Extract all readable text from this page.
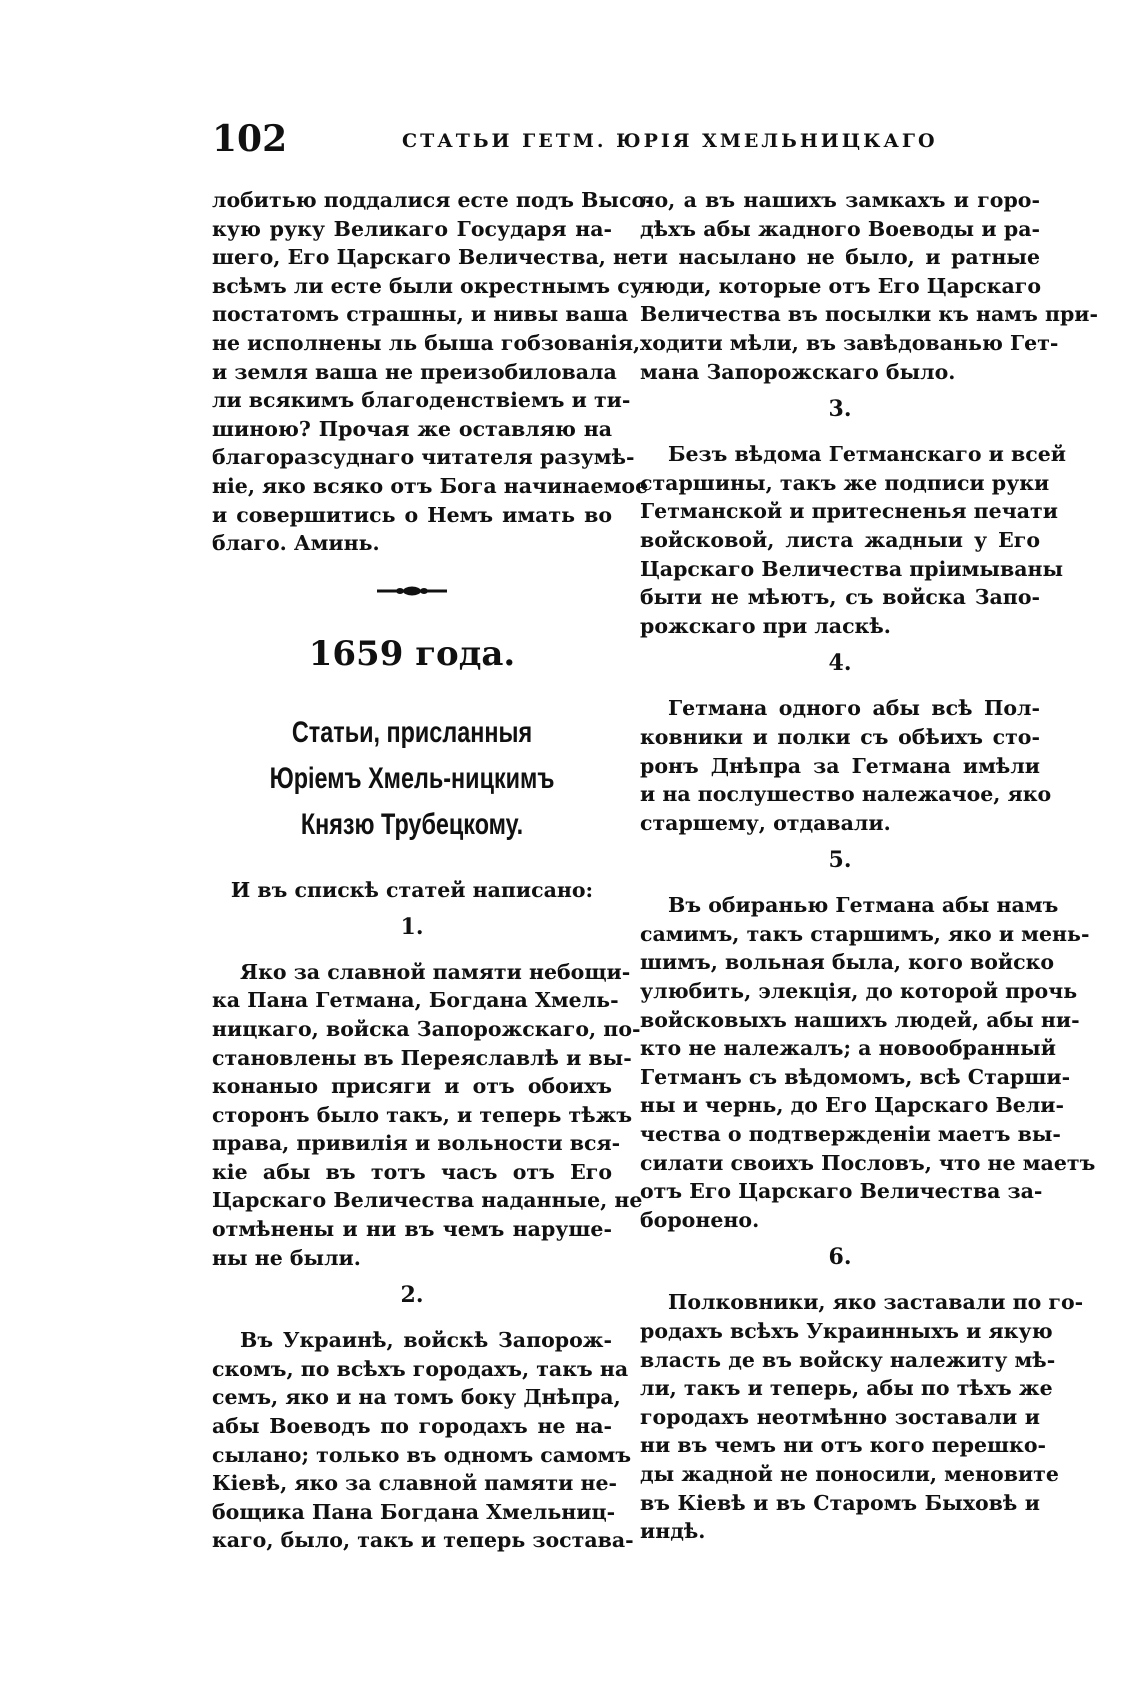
102	СТАТЬИ ГЕТМ. ЮРІЯ ХМЕЛЬНИЦКАГО
лобитью поддалися есте подъ Высо-
кую руку Великаго Государя на-
шего, Его Царскаго Величества, не
всѣмъ ли есте были окрестнымъ су-
постатомъ страшны, и нивы ваша
не исполнены ль быша гобзованія,
и земля ваша не преизобиловала
ли всякимъ благоденствіемъ и ти-
шиною? Прочая же оставляю на
благоразсуднаго читателя разумѣ-
ніе, яко всяко отъ Бога начинаемое
и совершитись о Немъ имать во
благо. Аминь.
1659 года.
Статьи, присланныя Юріемъ Хмель-ницкимъ Князю Трубецкому.
И въ спискѣ статей написано:
1.
Яко за славной памяти небощи-
ка Пана Гетмана, Богдана Хмель-
ницкаго, войска Запорожскаго, по-
становлены въ Переяславлѣ и вы-
конаныо присяги и отъ обоихъ
сторонъ было такъ, и теперь тѣжъ
права, привилія и вольности вся-
кіе абы въ тотъ часъ отъ Его
Царскаго Величества наданные, не
отмѣнены и ни въ чемъ наруше-
ны не были.
2.
Въ Украинѣ, войскѣ Запорож-
скомъ, по всѣхъ городахъ, такъ на
семъ, яко и на томъ боку Днѣпра,
абы Воеводъ по городахъ не на-
сылано; только въ одномъ самомъ
Кіевѣ, яко за славной памяти не-
бощика Пана Богдана Хмельниц-
каго, было, такъ и теперь зостава-
ло, а въ нашихъ замкахъ и горо-
дѣхъ абы жадного Воеводы и ра-
ти насылано не было, и ратные
люди, которые отъ Его Царскаго
Величества въ посылки къ намъ при-
ходити мѣли, въ завѣдованью Гет-
мана Запорожскаго было.
3.
Безъ вѣдома Гетманскаго и всей
старшины, такъ же подписи руки
Гетманской и притесненья печати
войсковой, листа жадныи у Его
Царскаго Величества пріимываны
быти не мѣютъ, съ войска Запо-
рожскаго при ласкѣ.
4.
Гетмана одного абы всѣ Пол-
ковники и полки съ обѣихъ сто-
ронъ Днѣпра за Гетмана имѣли
и на послушество належачое, яко
старшему, отдавали.
5.
Въ обиранью Гетмана абы намъ
самимъ, такъ старшимъ, яко и мень-
шимъ, вольная была, кого войско
улюбить, элекція, до которой прочь
войсковыхъ нашихъ людей, абы ни-
кто не належалъ; а новообранный
Гетманъ съ вѣдомомъ, всѣ Старши-
ны и чернь, до Его Царскаго Вели-
чества о подтвержденіи маетъ вы-
силати своихъ Пословъ, что не маетъ
отъ Его Царскаго Величества за-
боронено.
6.
Полковники, яко заставали по го-
родахъ всѣхъ Украинныхъ и якую
власть де въ войску належиту мѣ-
ли, такъ и теперь, абы по тѣхъ же
городахъ неотмѣнно зоставали и
ни въ чемъ ни отъ кого перешко-
ды жадной не поносили, меновите
въ Кіевѣ и въ Старомъ Быховѣ и
индѣ.
